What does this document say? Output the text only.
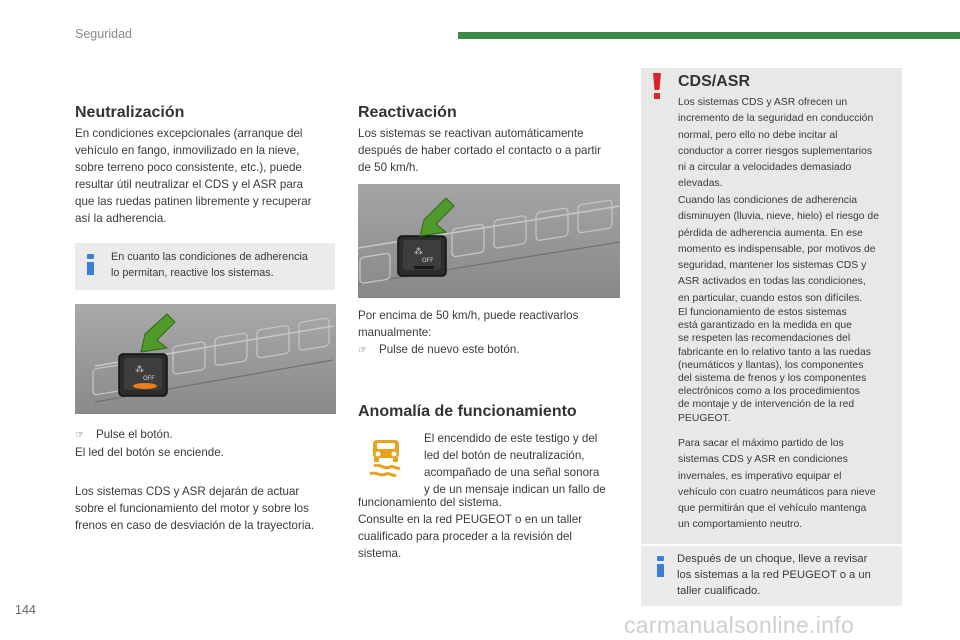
Seguridad
Neutralización

En condiciones excepcionales (arranque del

vehículo en fango, inmovilizado en la nieve,

sobre terreno poco consistente, etc.), puede

resultar útil neutralizar el CDS y el ASR para

que las ruedas patinen libremente y recuperar

así la adherencia.

En cuanto las condiciones de adherencia

lo permitan, reactive los sistemas.

⁂
OFF

☞ Pulse el botón.

El led del botón se enciende.

Los sistemas CDS y ASR dejarán de actuar

sobre el funcionamiento del motor y sobre los

frenos en caso de desviación de la trayectoria.

Reactivación

Los sistemas se reactivan automáticamente

después de haber cortado el contacto o a partir

de 50 km/h.

⁂
OFF

Por encima de 50 km/h, puede reactivarlos

manualmente:

☞ Pulse de nuevo este botón.

Anomalía de funcionamiento

El encendido de este testigo y del

led del botón de neutralización,

acompañado de una señal sonora

y de un mensaje indican un fallo de

funcionamiento del sistema.

Consulte en la red PEUGEOT o en un taller

cualificado para proceder a la revisión del

sistema.

CDS/ASR

Los sistemas CDS y ASR ofrecen un

incremento de la seguridad en conducción

normal, pero ello no debe incitar al

conductor a correr riesgos suplementarios

ni a circular a velocidades demasiado

elevadas.

Cuando las condiciones de adherencia

disminuyen (lluvia, nieve, hielo) el riesgo de

pérdida de adherencia aumenta. En ese

momento es indispensable, por motivos de

seguridad, mantener los sistemas CDS y

ASR activados en todas las condiciones,

en particular, cuando estos son difíciles.

El funcionamiento de estos sistemas

está garantizado en la medida en que

se respeten las recomendaciones del

fabricante en lo relativo tanto a las ruedas

(neumáticos y llantas), los componentes

del sistema de frenos y los componentes

electrónicos como a los procedimientos

de montaje y de intervención de la red

PEUGEOT.

Para sacar el máximo partido de los

sistemas CDS y ASR en condiciones

invernales, es imperativo equipar el

vehículo con cuatro neumáticos para nieve

que permitirán que el vehículo mantenga

un comportamiento neutro.

Después de un choque, lleve a revisar

los sistemas a la red PEUGEOT o a un

taller cualificado.

144
carmanualsonline.info
